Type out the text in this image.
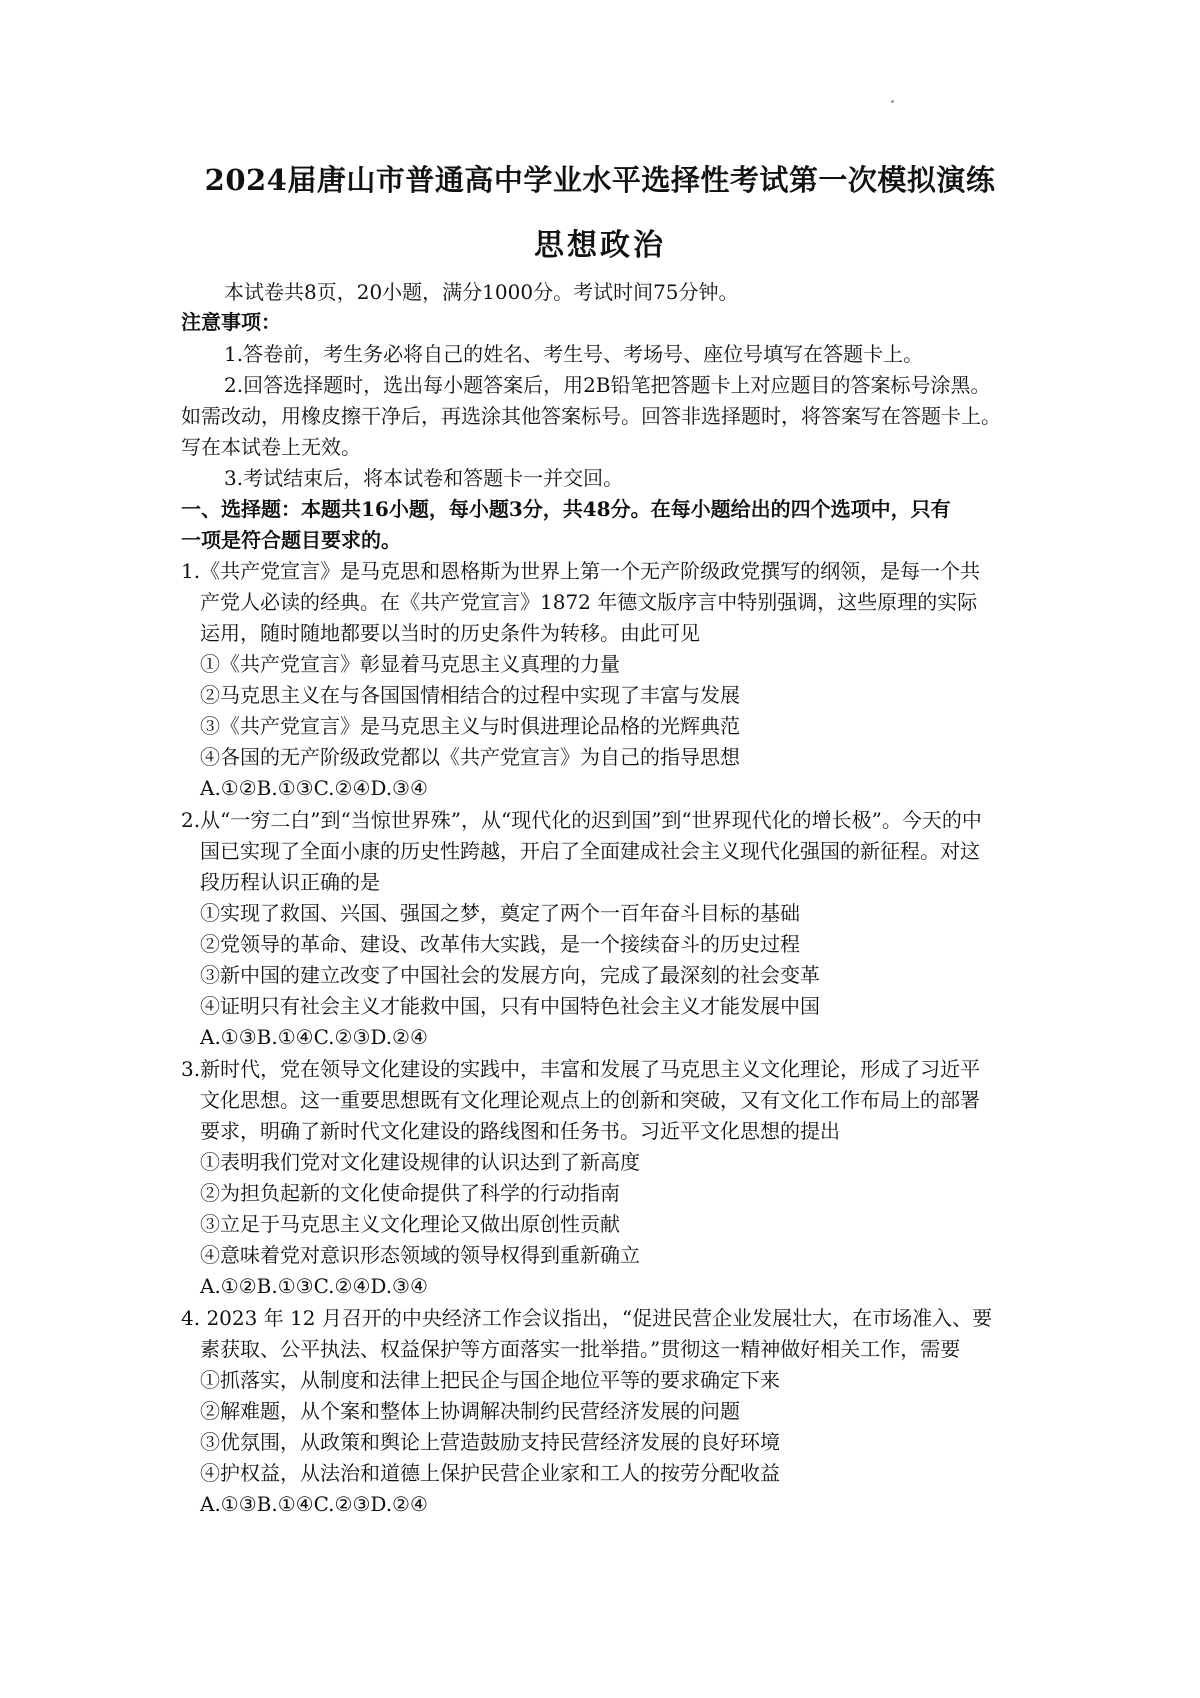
2024届唐山市普通高中学业水平选择性考试第一次模拟演练
思想政治
本试卷共8页，20小题，满分1000分。考试时间75分钟。
注意事项：
1.答卷前，考生务必将自己的姓名、考生号、考场号、座位号填写在答题卡上。
2.回答选择题时，选出每小题答案后，用2B铅笔把答题卡上对应题目的答案标号涂黑。
如需改动，用橡皮擦干净后，再选涂其他答案标号。回答非选择题时，将答案写在答题卡上。
写在本试卷上无效。
3.考试结束后，将本试卷和答题卡一并交回。
一、选择题：本题共16小题，每小题3分，共48分。在每小题给出的四个选项中，只有
一项是符合题目要求的。
1.《共产党宣言》是马克思和恩格斯为世界上第一个无产阶级政党撰写的纲领，是每一个共
产党人必读的经典。在《共产党宣言》1872 年德文版序言中特别强调，这些原理的实际
运用，随时随地都要以当时的历史条件为转移。由此可见
①《共产党宣言》彰显着马克思主义真理的力量
②马克思主义在与各国国情相结合的过程中实现了丰富与发展
③《共产党宣言》是马克思主义与时俱进理论品格的光辉典范
④各国的无产阶级政党都以《共产党宣言》为自己的指导思想
A.①②B.①③C.②④D.③④
2.从“一穷二白”到“当惊世界殊”，从“现代化的迟到国”到“世界现代化的增长极”。今天的中
国已实现了全面小康的历史性跨越，开启了全面建成社会主义现代化强国的新征程。对这
段历程认识正确的是
①实现了救国、兴国、强国之梦，奠定了两个一百年奋斗目标的基础
②党领导的革命、建设、改革伟大实践，是一个接续奋斗的历史过程
③新中国的建立改变了中国社会的发展方向，完成了最深刻的社会变革
④证明只有社会主义才能救中国，只有中国特色社会主义才能发展中国
A.①③B.①④C.②③D.②④
3.新时代，党在领导文化建设的实践中，丰富和发展了马克思主义文化理论，形成了习近平
文化思想。这一重要思想既有文化理论观点上的创新和突破，又有文化工作布局上的部署
要求，明确了新时代文化建设的路线图和任务书。习近平文化思想的提出
①表明我们党对文化建设规律的认识达到了新高度
②为担负起新的文化使命提供了科学的行动指南
③立足于马克思主义文化理论又做出原创性贡献
④意味着党对意识形态领域的领导权得到重新确立
A.①②B.①③C.②④D.③④
4. 2023 年 12 月召开的中央经济工作会议指出，“促进民营企业发展壮大，在市场准入、要
素获取、公平执法、权益保护等方面落实一批举措。”贯彻这一精神做好相关工作，需要
①抓落实，从制度和法律上把民企与国企地位平等的要求确定下来
②解难题，从个案和整体上协调解决制约民营经济发展的问题
③优氛围，从政策和舆论上营造鼓励支持民营经济发展的良好环境
④护权益，从法治和道德上保护民营企业家和工人的按劳分配收益
A.①③B.①④C.②③D.②④
